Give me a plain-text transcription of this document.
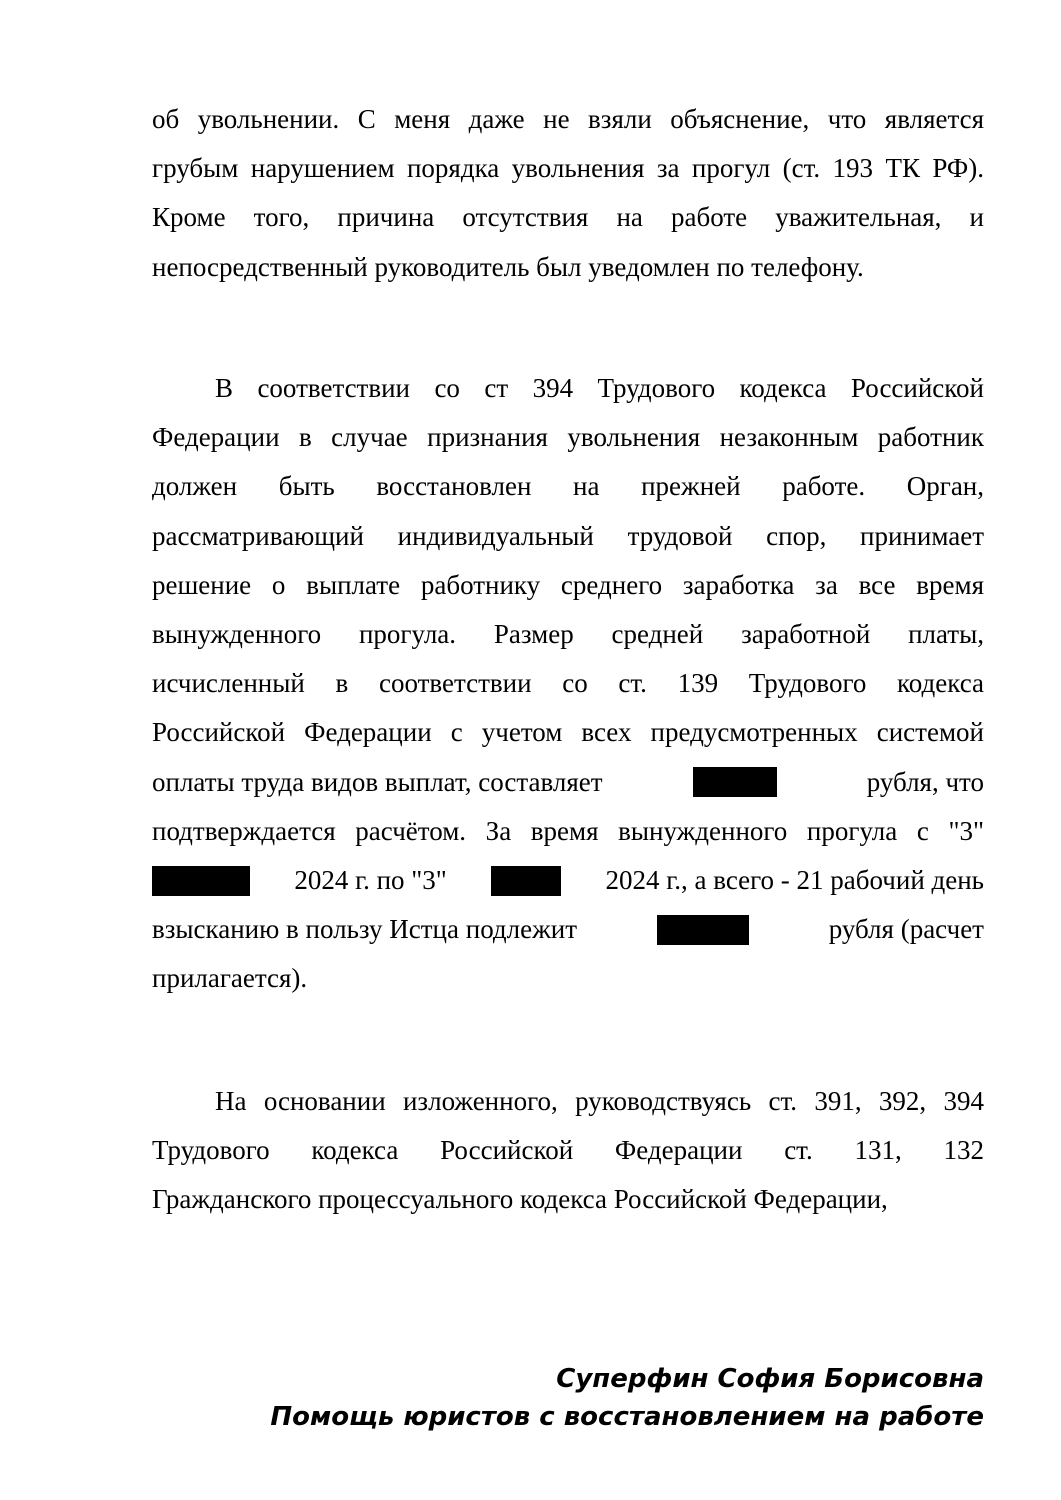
об увольнении. С меня даже не взяли объяснение, что является
грубым нарушением порядка увольнения за прогул (ст. 193 ТК РФ).
Кроме того, причина отсутствия на работе уважительная, и
непосредственный руководитель был уведомлен по телефону.
В соответствии со ст 394 Трудового кодекса Российской
Федерации в случае признания увольнения незаконным работник
должен быть восстановлен на прежней работе. Орган,
рассматривающий индивидуальный трудовой спор, принимает
решение о выплате работнику среднего заработка за все время
вынужденного прогула. Размер средней заработной платы,
исчисленный в соответствии со ст. 139 Трудового кодекса
Российской Федерации с учетом всех предусмотренных системой
оплаты труда видов выплат, составляет	рубля, что
подтверждается расчётом. За время вынужденного прогула с "3"
2024 г. по "3"	2024 г., а всего - 21 рабочий день
взысканию в пользу Истца подлежит	рубля (расчет
прилагается).
На основании изложенного, руководствуясь ст. 391, 392, 394
Трудового кодекса Российской Федерации ст. 131, 132
Гражданского процессуального кодекса Российской Федерации,
Суперфин София Борисовна
Помощь юристов с восстановлением на работе
